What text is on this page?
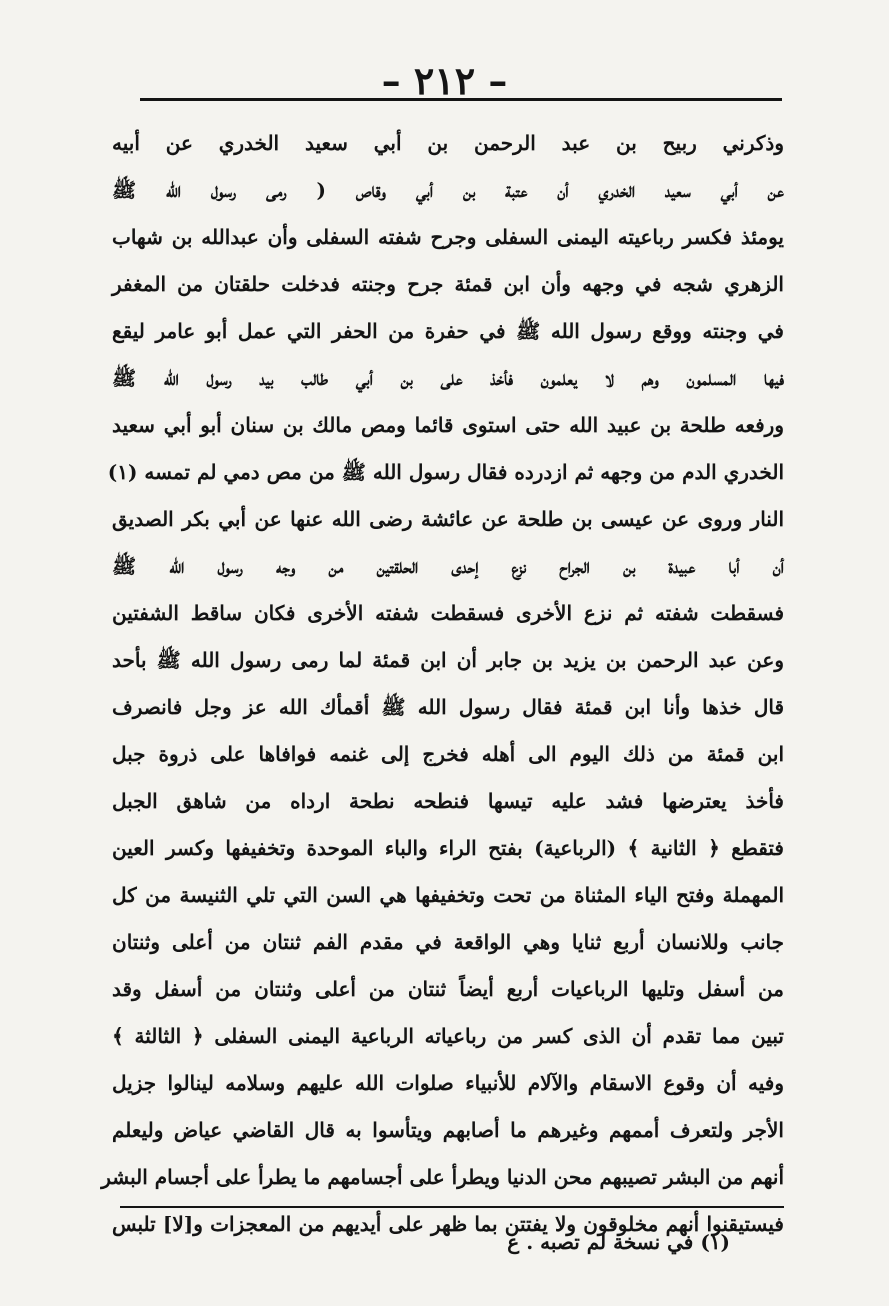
– ٢١٢ –
وذكرني ربيح بن عبد الرحمن بن أبي سعيد الخدري عن أبيه
عن أبي سعيد الخدري أن عتبة بن أبي وقاص ( رمى رسول الله ﷺ
يومئذ فكسر رباعيته اليمنى السفلى وجرح شفته السفلى وأن عبدالله بن شهاب
الزهري شجه في وجهه وأن ابن قمئة جرح وجنته فدخلت حلقتان من المغفر
في وجنته ووقع رسول الله ﷺ في حفرة من الحفر التي عمل أبو عامر ليقع
فيها المسلمون وهم لا يعلمون فأخذ على بن أبي طالب بيد رسول الله ﷺ
ورفعه طلحة بن عبيد الله حتى استوى قائما ومص مالك بن سنان أبو أبي سعيد
الخدري الدم من وجهه ثم ازدرده فقال رسول الله ﷺ من مص دمي لم تمسه (١)
النار وروى عن عيسى بن طلحة عن عائشة رضى الله عنها عن أبي بكر الصديق
أن أبا عبيدة بن الجراح نزع إحدى الحلقتين من وجه رسول الله ﷺ
فسقطت شفته ثم نزع الأخرى فسقطت شفته الأخرى فكان ساقط الشفتين
وعن عبد الرحمن بن يزيد بن جابر أن ابن قمئة لما رمى رسول الله ﷺ بأحد
قال خذها وأنا ابن قمئة فقال رسول الله ﷺ أقمأك الله عز وجل فانصرف
ابن قمئة من ذلك اليوم الى أهله فخرج إلى غنمه فوافاها على ذروة جبل
فأخذ يعترضها فشد عليه تيسها فنطحه نطحة ارداه من شاهق الجبل
فتقطع ﴿ الثانية ﴾ (الرباعية) بفتح الراء والباء الموحدة وتخفيفها وكسر العين
المهملة وفتح الياء المثناة من تحت وتخفيفها هي السن التي تلي الثنيسة من كل
جانب وللانسان أربع ثنايا وهي الواقعة في مقدم الفم ثنتان من أعلى وثنتان
من أسفل وتليها الرباعيات أربع أيضاً ثنتان من أعلى وثنتان من أسفل وقد
تبين مما تقدم أن الذى كسر من رباعياته الرباعية اليمنى السفلى ﴿ الثالثة ﴾
وفيه أن وقوع الاسقام والآلام للأنبياء صلوات الله عليهم وسلامه لينالوا جزيل
الأجر ولتعرف أممهم وغيرهم ما أصابهم ويتأسوا به قال القاضي عياض وليعلم
أنهم من البشر تصيبهم محن الدنيا ويطرأ على أجسامهم ما يطرأ على أجسام البشر
فيستيقنوا أنهم مخلوقون ولا يفتتن بما ظهر على أيديهم من المعجزات و[لا] تلبس
(١) في نسخة لم تصبه . ع
